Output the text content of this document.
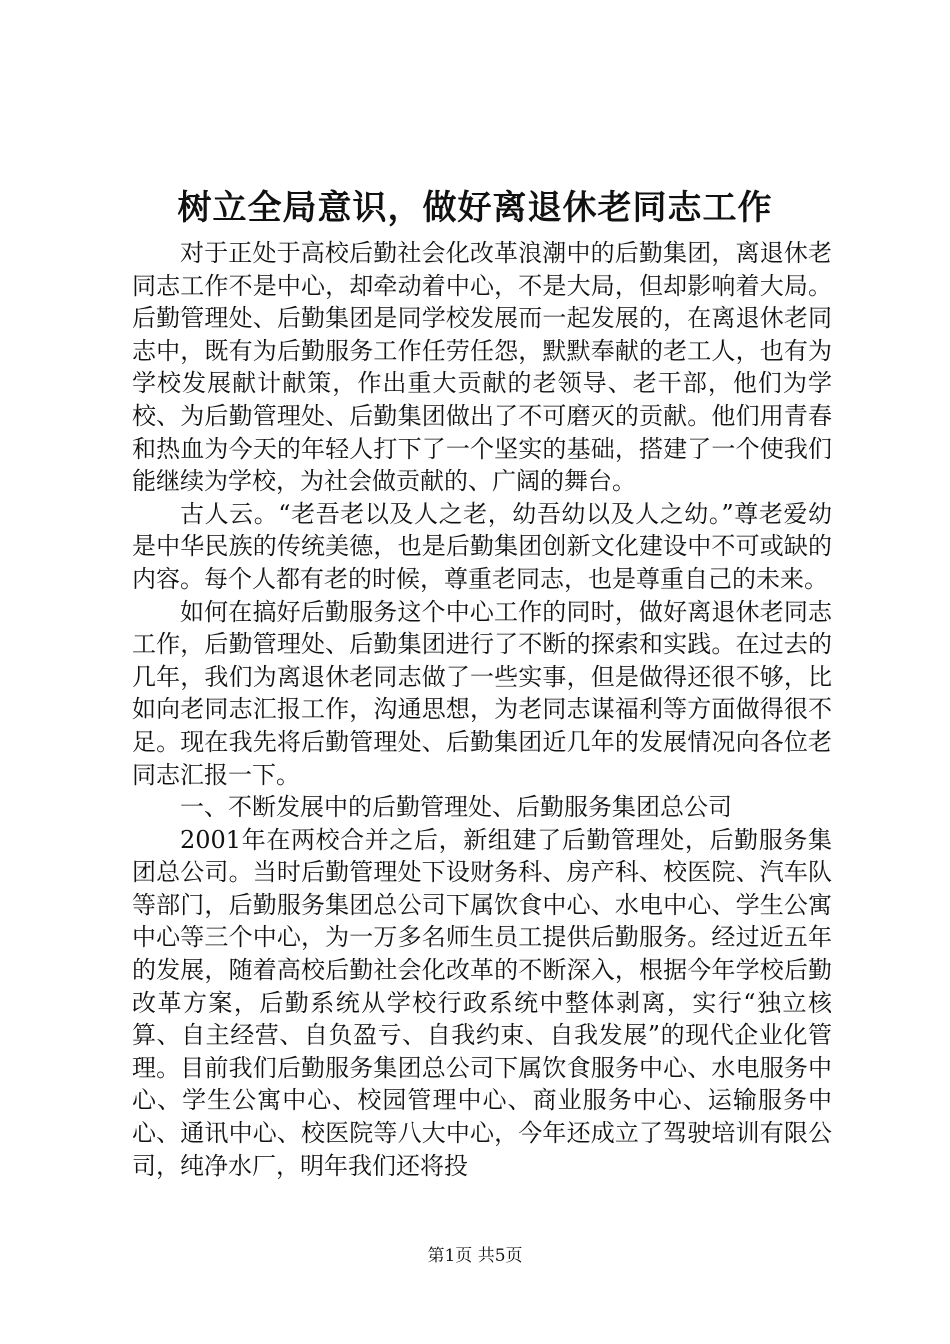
树立全局意识，做好离退休老同志工作

对于正处于高校后勤社会化改革浪潮中的后勤集团，离退休老同志工作不是中心，却牵动着中心，不是大局，但却影响着大局。后勤管理处、后勤集团是同学校发展而一起发展的，在离退休老同志中，既有为后勤服务工作任劳任怨，默默奉献的老工人，也有为学校发展献计献策，作出重大贡献的老领导、老干部，他们为学校、为后勤管理处、后勤集团做出了不可磨灭的贡献。他们用青春和热血为今天的年轻人打下了一个坚实的基础，搭建了一个使我们能继续为学校，为社会做贡献的、广阔的舞台。

古人云。“老吾老以及人之老，幼吾幼以及人之幼。”尊老爱幼是中华民族的传统美德，也是后勤集团创新文化建设中不可或缺的内容。每个人都有老的时候，尊重老同志，也是尊重自己的未来。

如何在搞好后勤服务这个中心工作的同时，做好离退休老同志工作，后勤管理处、后勤集团进行了不断的探索和实践。在过去的几年，我们为离退休老同志做了一些实事，但是做得还很不够，比如向老同志汇报工作，沟通思想，为老同志谋福利等方面做得很不足。现在我先将后勤管理处、后勤集团近几年的发展情况向各位老同志汇报一下。

一、不断发展中的后勤管理处、后勤服务集团总公司

2001年在两校合并之后，新组建了后勤管理处，后勤服务集团总公司。当时后勤管理处下设财务科、房产科、校医院、汽车队等部门，后勤服务集团总公司下属饮食中心、水电中心、学生公寓中心等三个中心，为一万多名师生员工提供后勤服务。经过近五年的发展，随着高校后勤社会化改革的不断深入，根据今年学校后勤改革方案，后勤系统从学校行政系统中整体剥离，实行“独立核算、自主经营、自负盈亏、自我约束、自我发展”的现代企业化管理。目前我们后勤服务集团总公司下属饮食服务中心、水电服务中心、学生公寓中心、校园管理中心、商业服务中心、运输服务中心、通讯中心、校医院等八大中心，今年还成立了驾驶培训有限公司，纯净水厂，明年我们还将投

第1页 共5页
